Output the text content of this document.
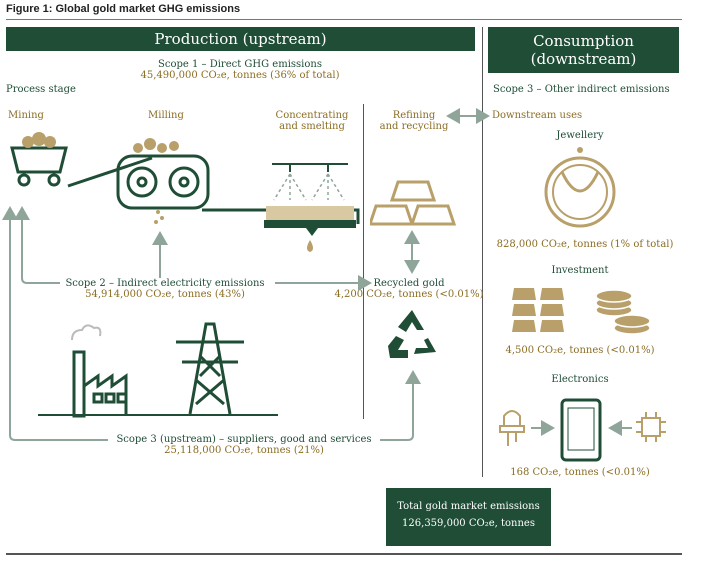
Figure 1: Global gold market GHG emissions
Production (upstream)	Consumption
(downstream)
Scope 1 – Direct GHG emissions
45,490,000 CO₂e, tonnes (36% of total)
Process stage	Scope 3 – Other indirect emissions
Mining	Milling	Concentrating
and smelting
Refining
and recycling
Downstream uses
Jewellery
828,000 CO₂e, tonnes (1% of total)
Investment
4,500 CO₂e, tonnes (<0.01%)
Electronics
168 CO₂e, tonnes (<0.01%)
Scope 2 – Indirect electricity emissions
54,914,000 CO₂e, tonnes (43%)
Recycled gold
4,200 CO₂e, tonnes (<0.01%)
Scope 3 (upstream) – suppliers, good and services
25,118,000 CO₂e, tonnes (21%)
Total gold market emissions
126,359,000 CO₂e, tonnes
